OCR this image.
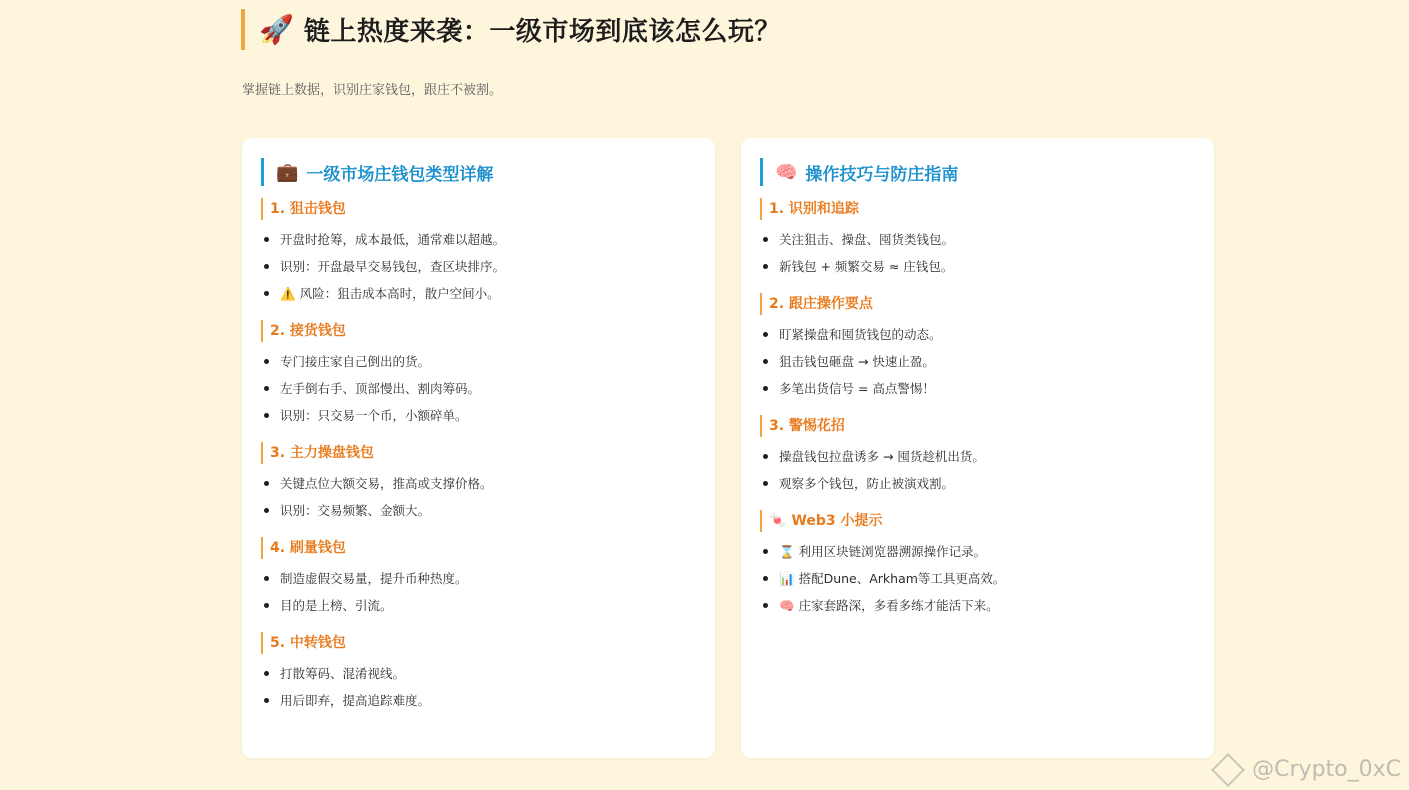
🚀 链上热度来袭：一级市场到底该怎么玩？
掌握链上数据，识别庄家钱包，跟庄不被割。
💼 一级市场庄钱包类型详解
1. 狙击钱包
开盘时抢筹，成本最低，通常难以超越。
识别：开盘最早交易钱包，查区块排序。
⚠️ 风险：狙击成本高时，散户空间小。
2. 接货钱包
专门接庄家自己倒出的货。
左手倒右手、顶部慢出、割肉筹码。
识别：只交易一个币，小额碎单。
3. 主力操盘钱包
关键点位大额交易，推高或支撑价格。
识别：交易频繁、金额大。
4. 刷量钱包
制造虚假交易量，提升币种热度。
目的是上榜、引流。
5. 中转钱包
打散筹码、混淆视线。
用后即弃，提高追踪难度。
🧠 操作技巧与防庄指南
1. 识别和追踪
关注狙击、操盘、囤货类钱包。
新钱包 + 频繁交易 ≈ 庄钱包。
2. 跟庄操作要点
盯紧操盘和囤货钱包的动态。
狙击钱包砸盘 → 快速止盈。
多笔出货信号 = 高点警惕！
3. 警惕花招
操盘钱包拉盘诱多 → 囤货趁机出货。
观察多个钱包，防止被演戏割。
🍬 Web3 小提示
⌛ 利用区块链浏览器溯源操作记录。
📊 搭配Dune、Arkham等工具更高效。
🧠 庄家套路深，多看多练才能活下来。
@Crypto_0xC
